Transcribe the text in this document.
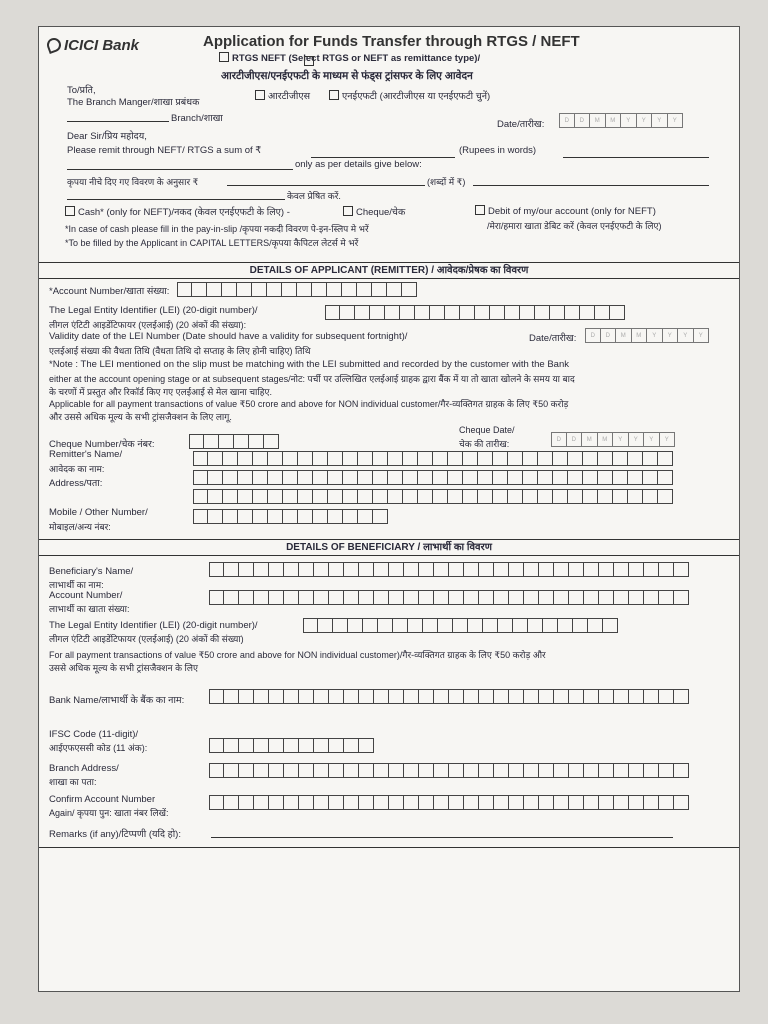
ICICI Bank	Application for Funds Transfer through RTGS / NEFT
RTGS NEFT (Select RTGS or NEFT as remittance type)/
आरटीजीएस/एनईएफटी के माध्यम से फंड्स ट्रांसफर के लिए आवेदन
To/प्रति,
The Branch Manger/शाखा प्रबंधक
आरटीजीएस	एनईएफटी (आरटीजीएस या एनईएफटी चुनें)
Branch/शाखा
Date/तारीख:	D	D	M	M	Y	Y	Y	Y
Dear Sir/प्रिय महोदय,
Please remit through NEFT/ RTGS a sum of ₹	(Rupees in words)
only as per details give below:
कृपया नीचे दिए गए विवरण के अनुसार ₹	(शब्दों में ₹)
केवल प्रेषित करें.
Cash* (only for NEFT)/नकद (केवल एनईएफटी के लिए) -	Cheque/चेक	Debit of my/our account (only for NEFT)
/मेरा/हमारा खाता डेबिट करें (केवल एनईएफटी के लिए)
*In case of cash please fill in the pay-in-slip /कृपया नकदी विवरण पे-इन-स्लिप मे भरें
*To be filled by the Applicant in CAPITAL LETTERS/कृपया कैपिटल लेटर्स मे भरें
DETAILS OF APPLICANT (REMITTER) / आवेदक/प्रेषक का विवरण
*Account Number/खाता संख्या:
The Legal Entity Identifier (LEI) (20-digit number)/
लीगल एंटिटी आइडेंटिफायर (एलईआई) (20 अंकों की संख्या):
Validity date of the LEI Number (Date should have a validity for subsequent fortnight)/	Date/तारीख:	D	D	M	M	Y	Y	Y	Y
एलईआई संख्या की वैधता तिथि (वैधता तिथि दो सप्ताह के लिए होनी चाहिए) तिथि
*Note : The LEI mentioned on the slip must be matching with the LEI submitted and recorded by the customer with the Bank
either at the account opening stage or at subsequent stages/नोट: पर्ची पर उल्लिखित एलईआई ग्राहक द्वारा बैंक में या तो खाता खोलने के समय या बाद
के चरणों में प्रस्तुत और रिकॉर्ड किए गए एलईआई से मेल खाना चाहिए.
Applicable for all payment transactions of value ₹50 crore and above for NON individual customer/गैर-व्यक्तिगत ग्राहक के लिए ₹50 करोड़
और उससे अधिक मूल्य के सभी ट्रांसजैक्शन के लिए लागू.
Cheque Date/
चेक की तारीख:	D	D	M	M	Y	Y	Y	Y
Cheque Number/चेक नंबर:
Remitter's Name/
आवेदक का नाम:
Address/पता:
Mobile / Other Number/
मोबाइल/अन्य नंबर:
DETAILS OF BENEFICIARY / लाभार्थी का विवरण
Beneficiary's Name/
लाभार्थी का नाम:
Account Number/
लाभार्थी का खाता संख्या:
The Legal Entity Identifier (LEI) (20-digit number)/
लीगल एंटिटी आइडेंटिफायर (एलईआई) (20 अंकों की संख्या)
For all payment transactions of value ₹50 crore and above for NON individual customer)/गैर-व्यक्तिगत ग्राहक के लिए ₹50 करोड़ और
उससे अधिक मूल्य के सभी ट्रांसजैक्शन के लिए
Bank Name/लाभार्थी के बैंक का नाम:
IFSC Code (11-digit)/
आईएफएससी कोड (11 अंक):
Branch Address/
शाखा का पता:
Confirm Account Number
Again/ कृपया पुन: खाता नंबर लिखें:
Remarks (if any)/टिप्पणी (यदि हो):
